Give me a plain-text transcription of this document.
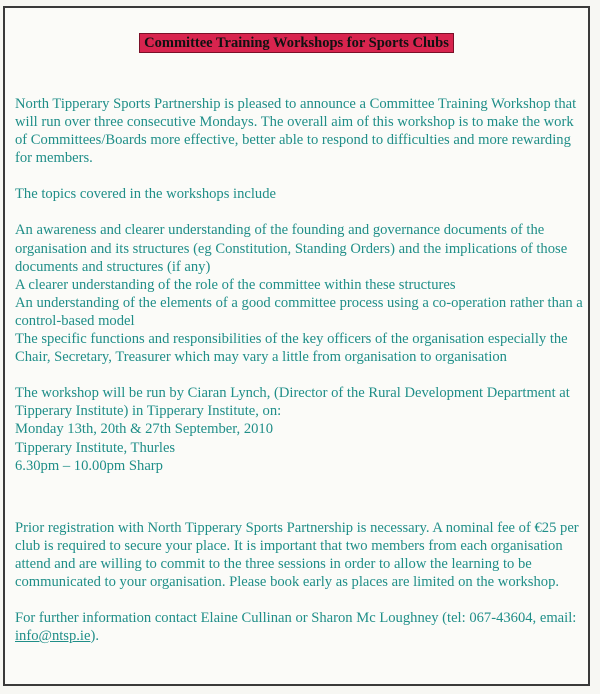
Committee Training Workshops for Sports Clubs

North Tipperary Sports Partnership is pleased to announce a Committee Training Workshop that will run over three consecutive Mondays. The overall aim of this workshop is to make the work of Committees/Boards more effective, better able to respond to difficulties and more rewarding for members.

The topics covered in the workshops include

An awareness and clearer understanding of the founding and governance documents of the organisation and its structures (eg Constitution, Standing Orders) and the implications of those documents and structures (if any)

A clearer understanding of the role of the committee within these structures

An understanding of the elements of a good committee process using a co-operation rather than a control-based model

The specific functions and responsibilities of the key officers of the organisation especially the Chair, Secretary, Treasurer which may vary a little from organisation to organisation

The workshop will be run by Ciaran Lynch, (Director of the Rural Development Department at Tipperary Institute) in Tipperary Institute, on:

Monday 13th, 20th & 27th September, 2010

Tipperary Institute, Thurles

6.30pm – 10.00pm Sharp

Prior registration with North Tipperary Sports Partnership is necessary. A nominal fee of €25 per club is required to secure your place. It is important that two members from each organisation attend and are willing to commit to the three sessions in order to allow the learning to be communicated to your organisation. Please book early as places are limited on the workshop.

For further information contact Elaine Cullinan or Sharon Mc Loughney (tel: 067-43604, email: info@ntsp.ie).
